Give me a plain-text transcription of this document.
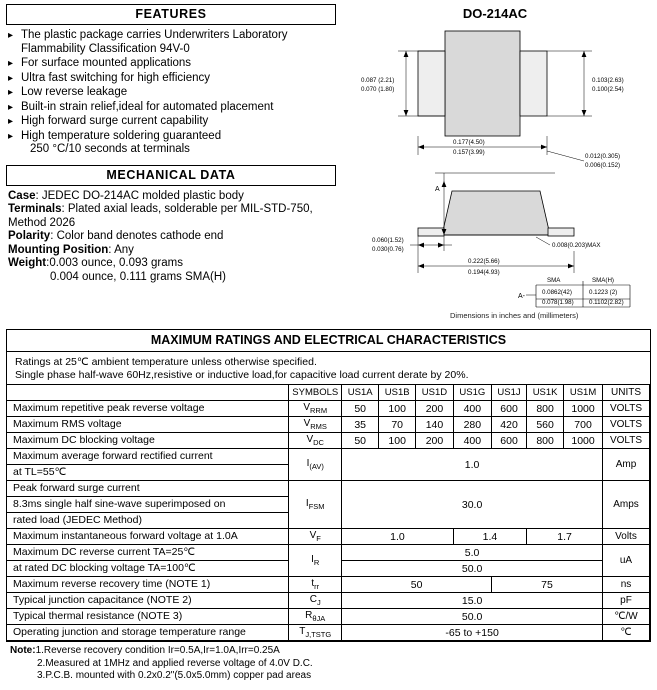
FEATURES
▸ The plastic package carries Underwriters Laboratory
Flammability Classification 94V-0
▸ For surface mounted applications
▸ Ultra fast switching for high efficiency
▸ Low reverse leakage
▸ Built-in strain relief,ideal for automated placement
▸ High forward surge current capability
▸ High temperature soldering guaranteed
250 °C/10 seconds at terminals
MECHANICAL DATA
Case: JEDEC DO-214AC molded plastic body
Terminals: Plated axial leads, solderable per MIL-STD-750,
Method 2026
Polarity: Color band denotes cathode end
Mounting Position: Any
Weight:0.003 ounce, 0.093 grams
0.004 ounce, 0.111 grams SMA(H)
DO-214AC
0.087 (2.21)
0.070 (1.80)
0.103(2.63)
0.100(2.54)
0.177(4.50)
0.157(3.99)
0.012(0.305)
0.006(0.152)
A
0.060(1.52)
0.030(0.76)
0.008(0.203)MAX
0.222(5.66)
0.194(4.93)
A-
SMA	SMA(H)
0.0862(42)
0.078(1.98)
0.1223 (2)
0.1102(2.82)
Dimensions in inches and (millimeters)
MAXIMUM RATINGS AND ELECTRICAL CHARACTERISTICS
Ratings at 25℃ ambient temperature unless otherwise specified.
Single phase half-wave 60Hz,resistive or inductive load,for capacitive load current derate by 20%.
	SYMBOLS	US1A	US1B	US1D	US1G	US1J	US1K	US1M	UNITS
Maximum repetitive peak reverse voltage	$V_{RRM}$	50	100	200	400	600	800	1000	VOLTS
Maximum RMS voltage	$V_{RMS}$	35	70	140	280	420	560	700	VOLTS
Maximum DC blocking voltage	$V_{DC}$	50	100	200	400	600	800	1000	VOLTS
Maximum average forward rectified current	$I_{(AV)}$	1.0							Amp
at TL=55℃									
Peak forward surge current	$I_{FSM}$	30.0							Amps
8.3ms single half sine-wave superimposed on									
rated load (JEDEC Method)									
Maximum instantaneous forward voltage at 1.0A	$V_F$	1.0			1.4		1.7		Volts
Maximum DC reverse current TA=25℃	$I_R$	5.0							uA
at rated DC blocking voltage TA=100℃		50.0							
Maximum reverse recovery time (NOTE 1)	$t_{rr}$	50				75			ns
Typical junction capacitance (NOTE 2)	$C_J$	15.0							pF
Typical thermal resistance (NOTE 3)	$R_{\theta JA}$	50.0							℃/W
Operating junction and storage temperature range	$T_{J,TSTG}$	-65 to +150							℃
Note:1.Reverse recovery condition Ir=0.5A,Ir=1.0A,Irr=0.25A
2.Measured at 1MHz and applied reverse voltage of 4.0V D.C.
3.P.C.B. mounted with 0.2x0.2"(5.0x5.0mm) copper pad areas
